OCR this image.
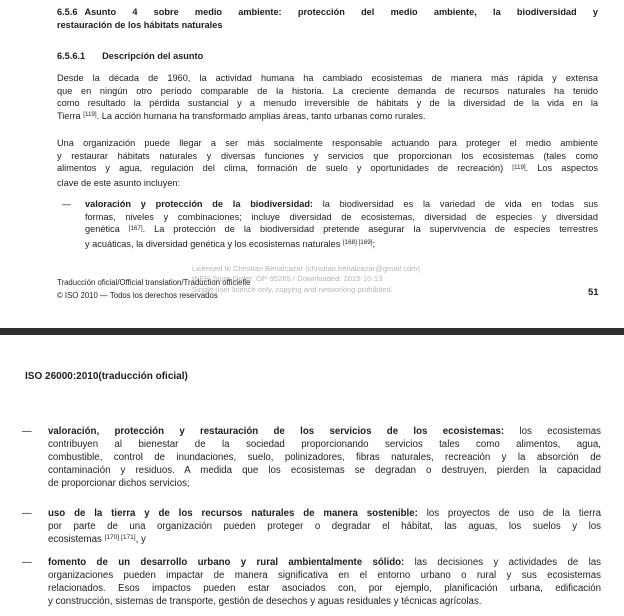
6.5.6 Asunto 4 sobre medio ambiente: protección del medio ambiente, la biodiversidad y
restauración de los hábitats naturales
6.5.6.1 Descripción del asunto
Desde la década de 1960, la actividad humana ha cambiado ecosistemas de manera más rápida y extensa
que en ningún otro período comparable de la historia. La creciente demanda de recursos naturales ha tenido
como resultado la pérdida sustancial y a menudo irreversible de hábitats y de la diversidad de la vida en la
Tierra [119]. La acción humana ha transformado amplias áreas, tanto urbanas como rurales.
Una organización puede llegar a ser más socialmente responsable actuando para proteger el medio ambiente
y restaurar hábitats naturales y diversas funciones y servicios que proporcionan los ecosistemas (tales como
alimentos y agua, regulación del clima, formación de suelo y oportunidades de recreación) [119]. Los aspectos
clave de este asunto incluyen:
— valoración y protección de la biodiversidad: la biodiversidad es la variedad de vida en todas sus
formas, niveles y combinaciones; incluye diversidad de ecosistemas, diversidad de especies y diversidad
genética [167]. La protección de la biodiversidad pretende asegurar la supervivencia de especies terrestres
y acuáticas, la diversidad genética y los ecosistemas naturales [168] [169];
Licensed to Christian Benalcazar (christian.benalcazar@gmail.com)
INEN Store Order: OP-95265 / Downloaded: 2015-10-13
Single user licence only, copying and networking prohibited.
Traducción oficial/Official translation/Traduction officielle
© ISO 2010 — Todos los derechos reservados	51
ISO 26000:2010(traducción oficial)
— valoración, protección y restauración de los servicios de los ecosistemas: los ecosistemas
contribuyen al bienestar de la sociedad proporcionando servicios tales como alimentos, agua,
combustible, control de inundaciones, suelo, polinizadores, fibras naturales, recreación y la absorción de
contaminación y residuos. A medida que los ecosistemas se degradan o destruyen, pierden la capacidad
de proporcionar dichos servicios;
— uso de la tierra y de los recursos naturales de manera sostenible: los proyectos de uso de la tierra
por parte de una organización pueden proteger o degradar el hábitat, las aguas, los suelos y los
ecosistemas [170] [171], y
— fomento de un desarrollo urbano y rural ambientalmente sólido: las decisiones y actividades de las
organizaciones pueden impactar de manera significativa en el entorno urbano o rural y sus ecosistemas
relacionados. Esos impactos pueden estar asociados con, por ejemplo, planificación urbana, edificación
y construcción, sistemas de transporte, gestión de desechos y aguas residuales y técnicas agrícolas.
